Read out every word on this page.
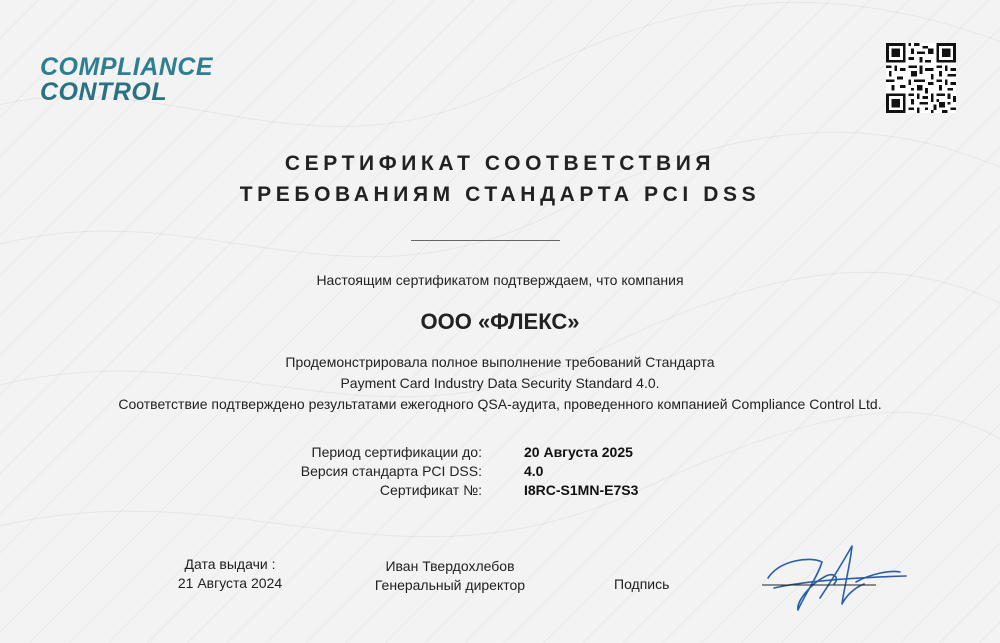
COMPLIANCE
CONTROL
СЕРТИФИКАТ СООТВЕТСТВИЯ
ТРЕБОВАНИЯМ СТАНДАРТА PCI DSS
Настоящим сертификатом подтверждаем, что компания
ООО «ФЛЕКС»
Продемонстрировала полное выполнение требований Стандарта
Payment Card Industry Data Security Standard 4.0.
Соответствие подтверждено результатами ежегодного QSA-аудита, проведенного компанией Compliance Control Ltd.
Период сертификации до:	20 Августа 2025
Версия стандарта PCI DSS:	4.0
Сертификат №:	I8RC-S1MN-E7S3
Дата выдачи :
21 Августа 2024
Иван Твердохлебов
Генеральный директор	Подпись
